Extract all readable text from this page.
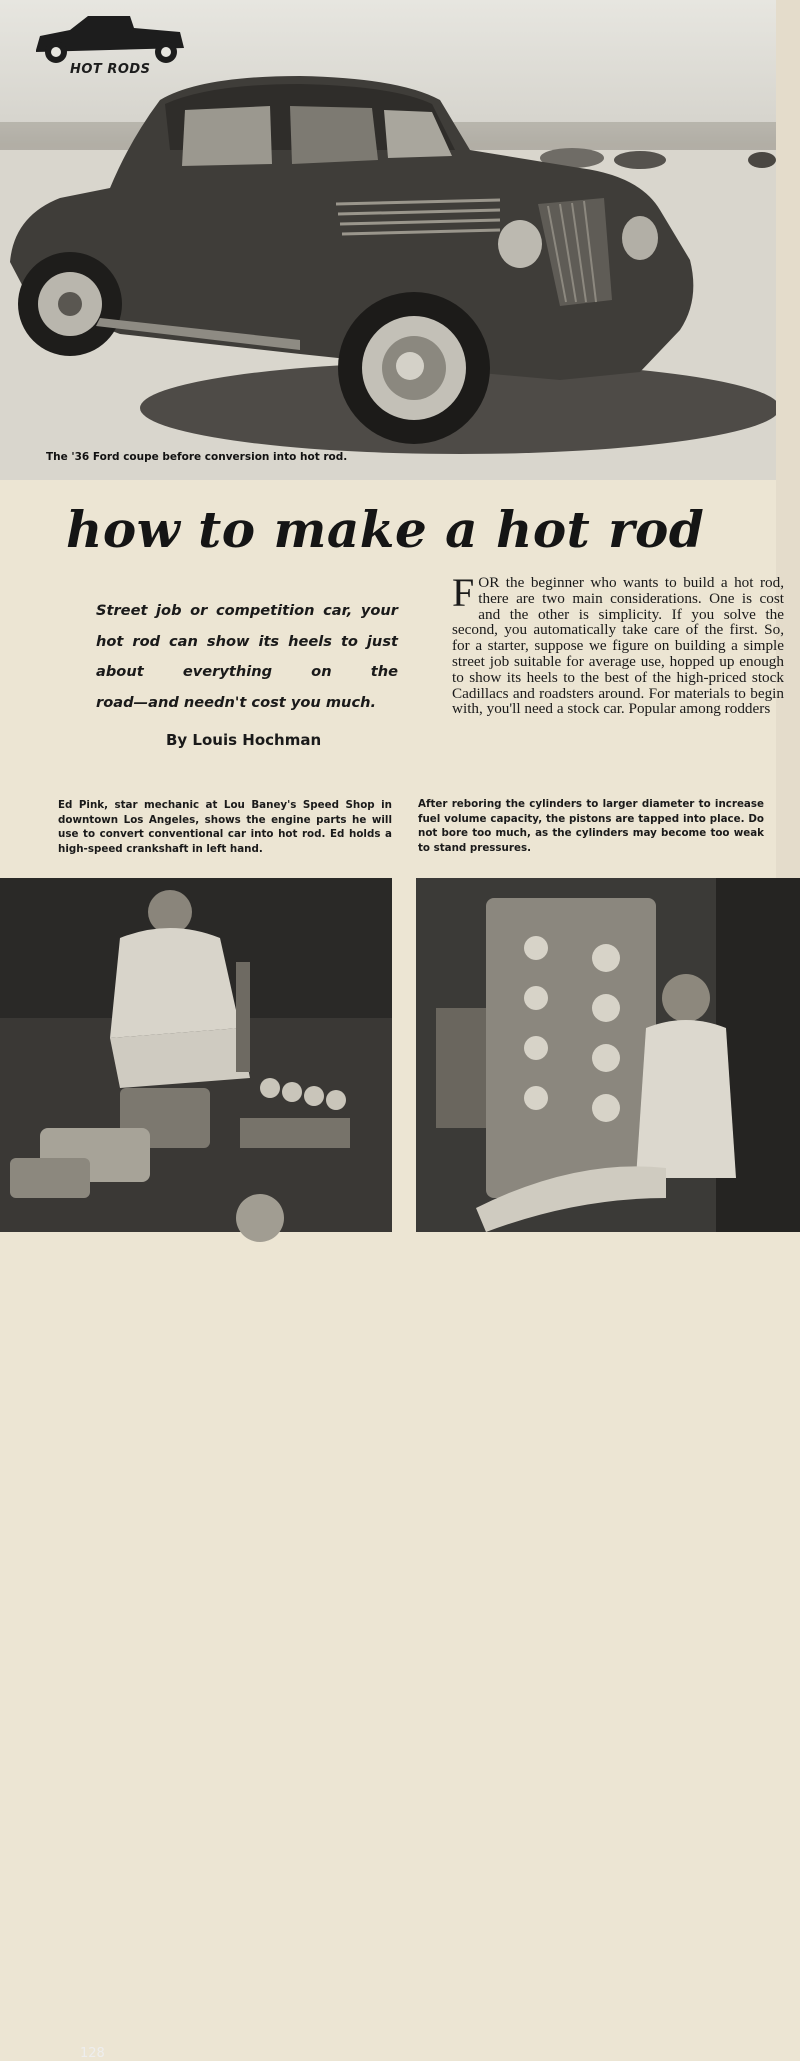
HOT RODS
The '36 Ford coupe before conversion into hot rod.
how to make a hot rod
Street job or competition car, your hot rod can show its heels to just about everything on the
road—and needn't cost you much.
By Louis Hochman
FOR the beginner who wants to build a hot rod, there are two main considerations. One is cost and the other is simplicity. If you solve the second, you automatically take care of the first. So, for a starter, suppose we figure on building a simple street job suitable for average use, hopped up enough to show its heels to the best of the high-priced stock Cadillacs and roadsters around. For materials to begin with, you'll need a stock car. Popular among rodders
Ed Pink, star mechanic at Lou Baney's Speed Shop in downtown Los Angeles, shows the engine parts he will use to convert conventional car into hot rod. Ed holds a high-speed crankshaft in left hand.
After reboring the cylinders to larger diameter to increase fuel volume capacity, the pistons are tapped into place. Do not bore too much, as the cylinders may become too weak to stand pressures.
128
